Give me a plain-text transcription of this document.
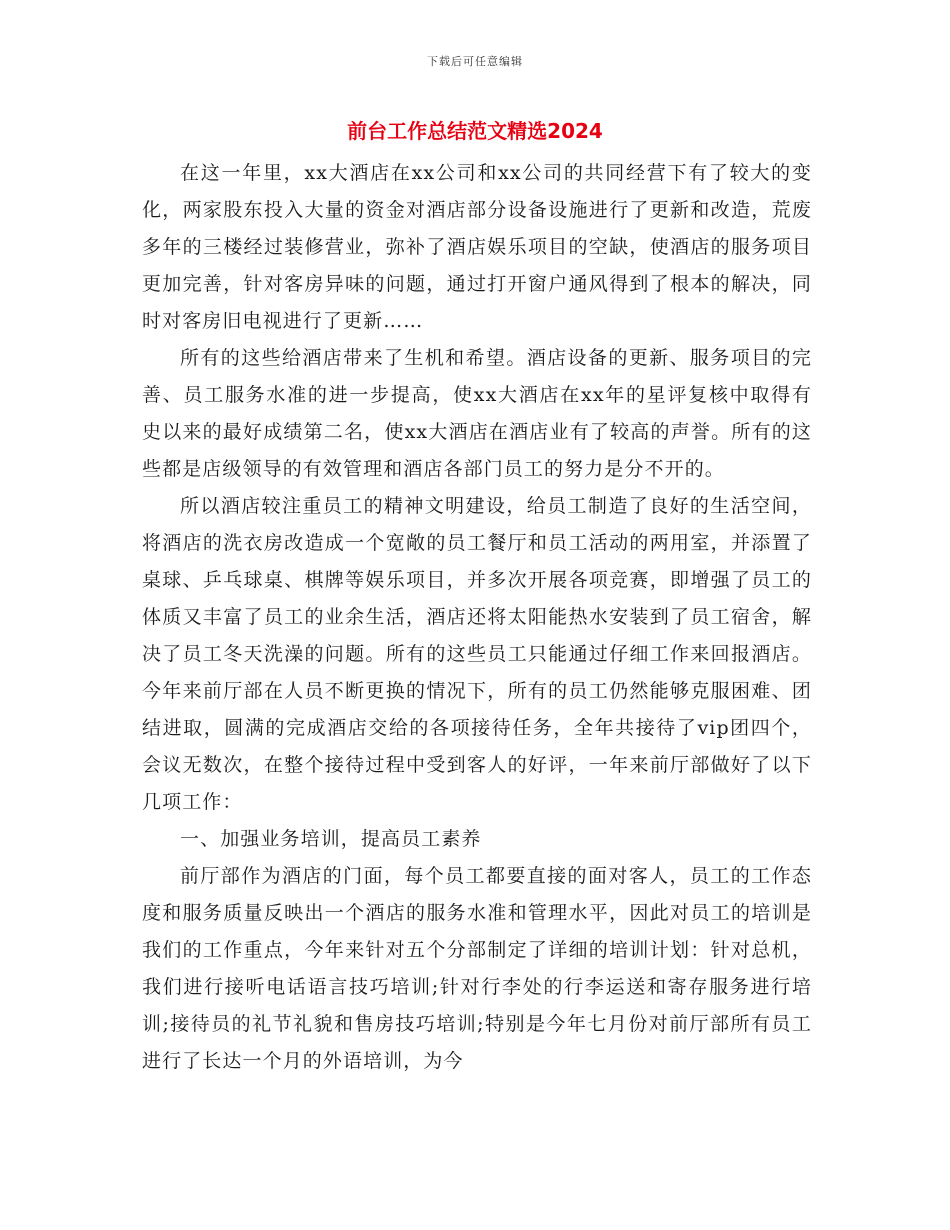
下载后可任意编辑
前台工作总结范文精选2024

在这一年里，xx大酒店在xx公司和xx公司的共同经营下有了较大的变化，两家股东投入大量的资金对酒店部分设备设施进行了更新和改造，荒废多年的三楼经过装修营业，弥补了酒店娱乐项目的空缺，使酒店的服务项目更加完善，针对客房异味的问题，通过打开窗户通风得到了根本的解决，同时对客房旧电视进行了更新……

所有的这些给酒店带来了生机和希望。酒店设备的更新、服务项目的完善、员工服务水准的进一步提高，使xx大酒店在xx年的星评复核中取得有史以来的最好成绩第二名，使xx大酒店在酒店业有了较高的声誉。所有的这些都是店级领导的有效管理和酒店各部门员工的努力是分不开的。

所以酒店较注重员工的精神文明建设，给员工制造了良好的生活空间，将酒店的洗衣房改造成一个宽敞的员工餐厅和员工活动的两用室，并添置了桌球、乒乓球桌、棋牌等娱乐项目，并多次开展各项竞赛，即增强了员工的体质又丰富了员工的业余生活，酒店还将太阳能热水安装到了员工宿舍，解决了员工冬天洗澡的问题。所有的这些员工只能通过仔细工作来回报酒店。今年来前厅部在人员不断更换的情况下，所有的员工仍然能够克服困难、团结进取，圆满的完成酒店交给的各项接待任务，全年共接待了vip团四个，会议无数次，在整个接待过程中受到客人的好评，一年来前厅部做好了以下几项工作：

一、加强业务培训，提高员工素养

前厅部作为酒店的门面，每个员工都要直接的面对客人，员工的工作态度和服务质量反映出一个酒店的服务水准和管理水平，因此对员工的培训是我们的工作重点，今年来针对五个分部制定了详细的培训计划：针对总机，我们进行接听电话语言技巧培训;针对行李处的行李运送和寄存服务进行培训;接待员的礼节礼貌和售房技巧培训;特别是今年七月份对前厅部所有员工进行了长达一个月的外语培训，为今
